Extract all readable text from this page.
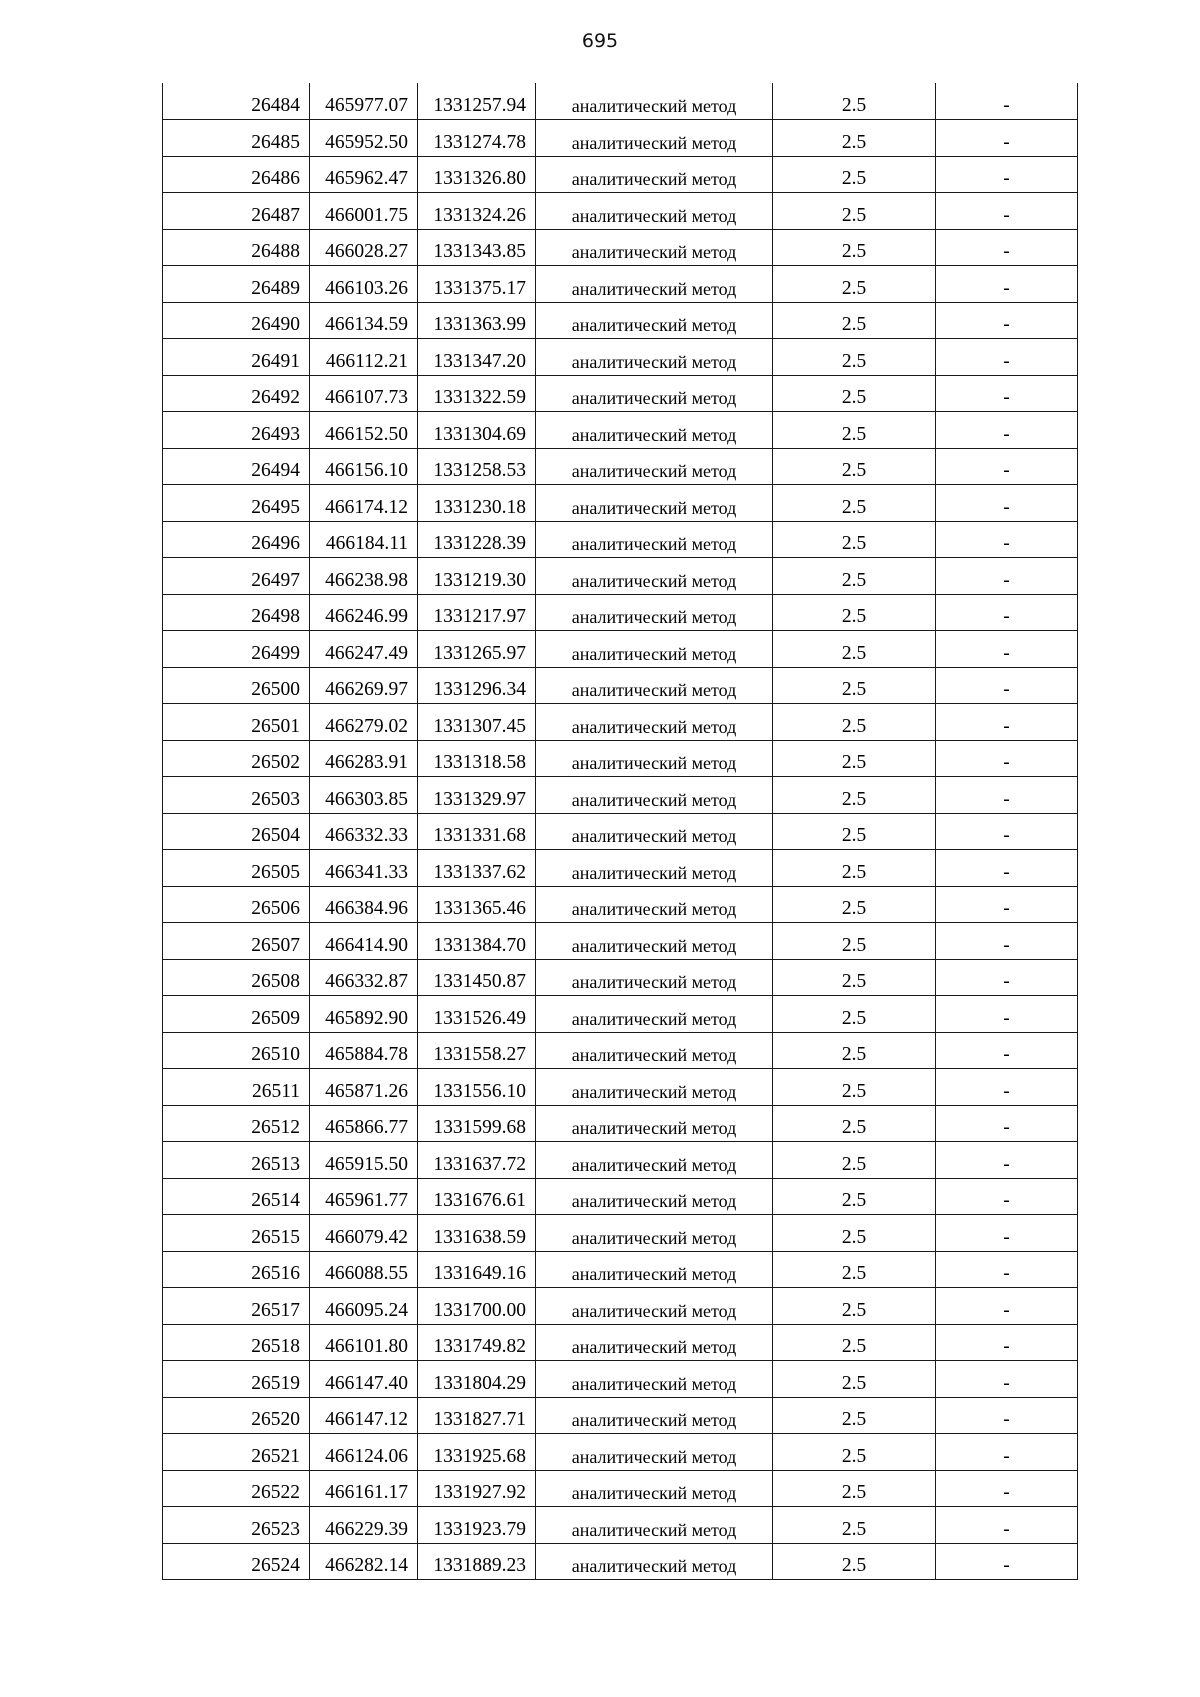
695
26484	465977.07	1331257.94	аналитический метод	2.5	-
26485	465952.50	1331274.78	аналитический метод	2.5	-
26486	465962.47	1331326.80	аналитический метод	2.5	-
26487	466001.75	1331324.26	аналитический метод	2.5	-
26488	466028.27	1331343.85	аналитический метод	2.5	-
26489	466103.26	1331375.17	аналитический метод	2.5	-
26490	466134.59	1331363.99	аналитический метод	2.5	-
26491	466112.21	1331347.20	аналитический метод	2.5	-
26492	466107.73	1331322.59	аналитический метод	2.5	-
26493	466152.50	1331304.69	аналитический метод	2.5	-
26494	466156.10	1331258.53	аналитический метод	2.5	-
26495	466174.12	1331230.18	аналитический метод	2.5	-
26496	466184.11	1331228.39	аналитический метод	2.5	-
26497	466238.98	1331219.30	аналитический метод	2.5	-
26498	466246.99	1331217.97	аналитический метод	2.5	-
26499	466247.49	1331265.97	аналитический метод	2.5	-
26500	466269.97	1331296.34	аналитический метод	2.5	-
26501	466279.02	1331307.45	аналитический метод	2.5	-
26502	466283.91	1331318.58	аналитический метод	2.5	-
26503	466303.85	1331329.97	аналитический метод	2.5	-
26504	466332.33	1331331.68	аналитический метод	2.5	-
26505	466341.33	1331337.62	аналитический метод	2.5	-
26506	466384.96	1331365.46	аналитический метод	2.5	-
26507	466414.90	1331384.70	аналитический метод	2.5	-
26508	466332.87	1331450.87	аналитический метод	2.5	-
26509	465892.90	1331526.49	аналитический метод	2.5	-
26510	465884.78	1331558.27	аналитический метод	2.5	-
26511	465871.26	1331556.10	аналитический метод	2.5	-
26512	465866.77	1331599.68	аналитический метод	2.5	-
26513	465915.50	1331637.72	аналитический метод	2.5	-
26514	465961.77	1331676.61	аналитический метод	2.5	-
26515	466079.42	1331638.59	аналитический метод	2.5	-
26516	466088.55	1331649.16	аналитический метод	2.5	-
26517	466095.24	1331700.00	аналитический метод	2.5	-
26518	466101.80	1331749.82	аналитический метод	2.5	-
26519	466147.40	1331804.29	аналитический метод	2.5	-
26520	466147.12	1331827.71	аналитический метод	2.5	-
26521	466124.06	1331925.68	аналитический метод	2.5	-
26522	466161.17	1331927.92	аналитический метод	2.5	-
26523	466229.39	1331923.79	аналитический метод	2.5	-
26524	466282.14	1331889.23	аналитический метод	2.5	-
